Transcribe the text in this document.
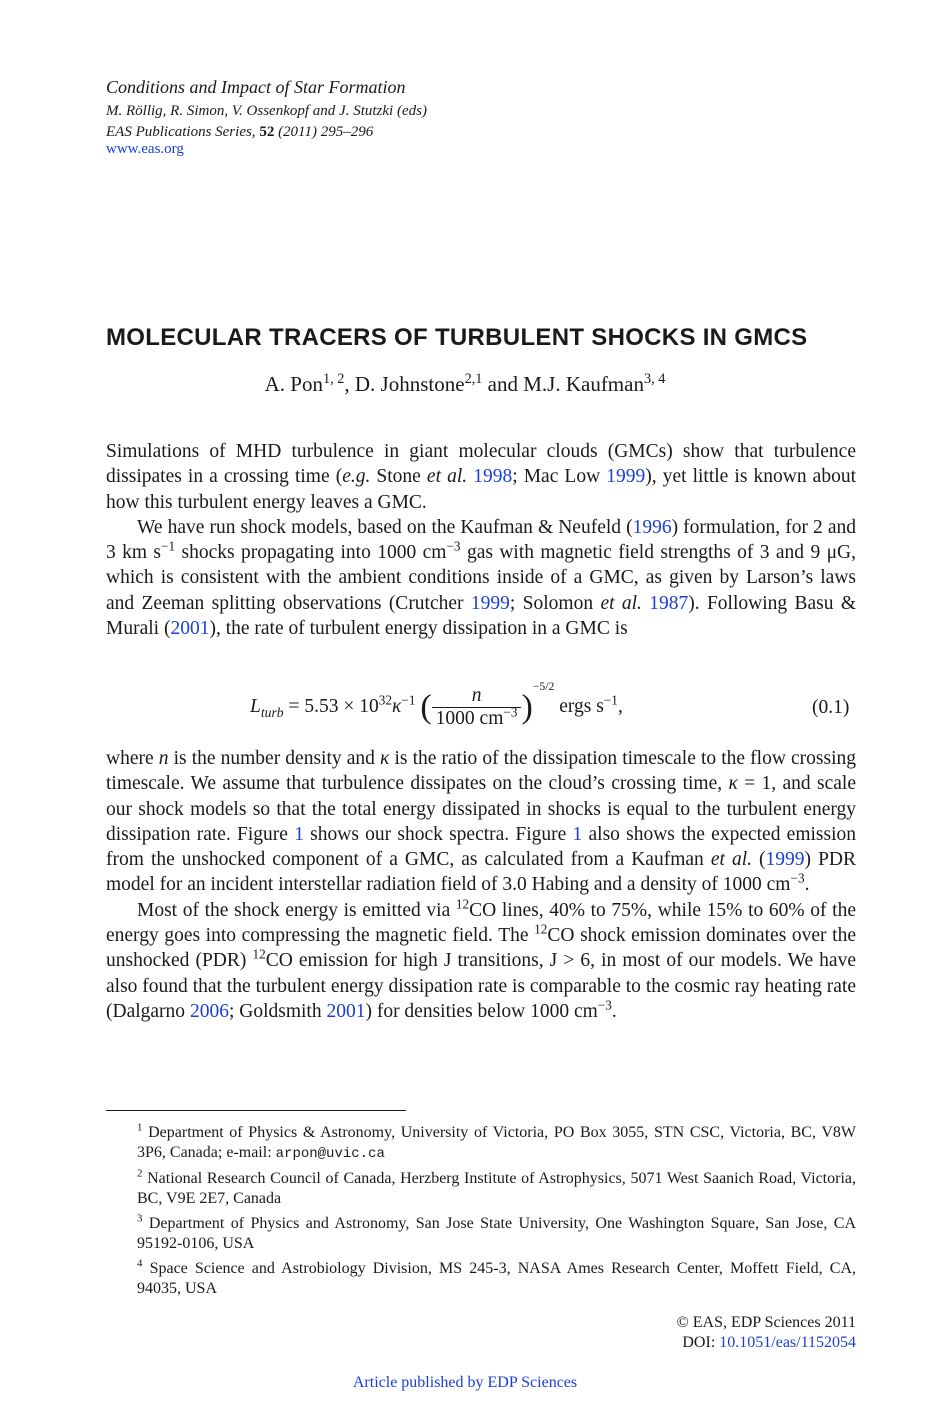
Conditions and Impact of Star Formation
M. Röllig, R. Simon, V. Ossenkopf and J. Stutzki (eds)
EAS Publications Series, 52 (2011) 295–296
www.eas.org
MOLECULAR TRACERS OF TURBULENT SHOCKS IN GMCS
A. Pon$^{1, 2}$, D. Johnstone$^{2,1}$ and M.J. Kaufman$^{3, 4}$

Simulations of MHD turbulence in giant molecular clouds (GMCs) show that turbulence dissipates in a crossing time (e.g. Stone et al. 1998; Mac Low 1999), yet little is known about how this turbulent energy leaves a GMC.

We have run shock models, based on the Kaufman & Neufeld (1996) formulation, for 2 and 3 km $s^{-1}$ shocks propagating into 1000 $cm^{-3}$ gas with magnetic field strengths of 3 and 9 μG, which is consistent with the ambient conditions inside of a GMC, as given by Larson’s laws and Zeeman splitting observations (Crutcher 1999; Solomon et al. 1987). Following Basu & Murali (2001), the rate of turbulent energy dissipation in a GMC is

$L_{turb} = 5.53 \times 10^{32}\kappa^{-1}$ ( $\frac{n}{1000 cm^{-3}} )^{-5/2}$ ergs $s^{-1}$,	(0.1)

where n is the number density and κ is the ratio of the dissipation timescale to the flow crossing timescale. We assume that turbulence dissipates on the cloud’s crossing time, κ = 1, and scale our shock models so that the total energy dissipated in shocks is equal to the turbulent energy dissipation rate. Figure 1 shows our shock spectra. Figure 1 also shows the expected emission from the unshocked component of a GMC, as calculated from a Kaufman et al. (1999) PDR model for an incident interstellar radiation field of 3.0 Habing and a density of 1000 $cm^{-3}$.

Most of the shock energy is emitted via $^{12}$CO lines, 40% to 75%, while 15% to 60% of the energy goes into compressing the magnetic field. The $^{12}$CO shock emission dominates over the unshocked (PDR) $^{12}$CO emission for high J transitions, J > 6, in most of our models. We have also found that the turbulent energy dissipation rate is comparable to the cosmic ray heating rate (Dalgarno 2006; Goldsmith 2001) for densities below 1000 $cm^{-3}$.

$^1$ Department of Physics & Astronomy, University of Victoria, PO Box 3055, STN CSC, Victoria, BC, V8W 3P6, Canada; e-mail: arpon@uvic.ca

$^2$ National Research Council of Canada, Herzberg Institute of Astrophysics, 5071 West Saanich Road, Victoria, BC, V9E 2E7, Canada

$^3$ Department of Physics and Astronomy, San Jose State University, One Washington Square, San Jose, CA 95192-0106, USA

$^4$ Space Science and Astrobiology Division, MS 245-3, NASA Ames Research Center, Moffett Field, CA, 94035, USA

© EAS, EDP Sciences 2011
DOI: 10.1051/eas/1152054
Article published by EDP Sciences
